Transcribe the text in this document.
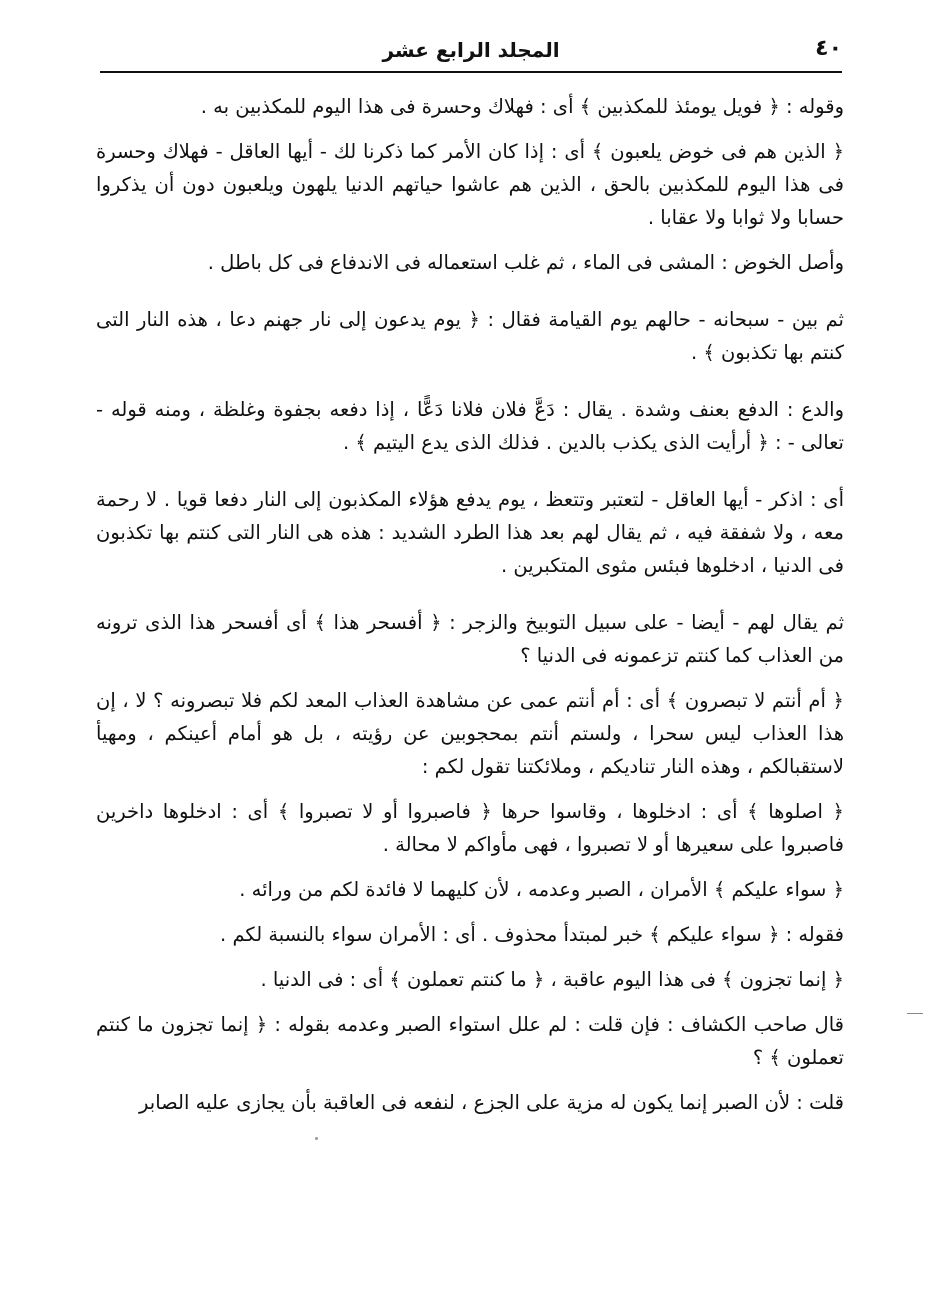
٤٠
المجلد الرابع عشر

وقوله : ﴿ فويل يومئذ للمكذبين ﴾ أى : فهلاك وحسرة فى هذا اليوم للمكذبين به .

﴿ الذين هم فى خوض يلعبون ﴾ أى : إذا كان الأمر كما ذكرنا لك - أيها العاقل - فهلاك وحسرة فى هذا اليوم للمكذبين بالحق ، الذين هم عاشوا حياتهم الدنيا يلهون ويلعبون دون أن يذكروا حسابا ولا ثوابا ولا عقابا .

وأصل الخوض : المشى فى الماء ، ثم غلب استعماله فى الاندفاع فى كل باطل .

ثم بين - سبحانه - حالهم يوم القيامة فقال : ﴿ يوم يدعون إلى نار جهنم دعا ، هذه النار التى كنتم بها تكذبون ﴾ .

والدع : الدفع بعنف وشدة . يقال : دَعَّ فلان فلانا دَعًّا ، إذا دفعه بجفوة وغلظة ، ومنه قوله - تعالى - : ﴿ أرأيت الذى يكذب بالدين . فذلك الذى يدع اليتيم ﴾ .

أى : اذكر - أيها العاقل - لتعتبر وتتعظ ، يوم يدفع هؤلاء المكذبون إلى النار دفعا قويا . لا رحمة معه ، ولا شفقة فيه ، ثم يقال لهم بعد هذا الطرد الشديد : هذه هى النار التى كنتم بها تكذبون فى الدنيا ، ادخلوها فبئس مثوى المتكبرين .

ثم يقال لهم - أيضا - على سبيل التوبيخ والزجر : ﴿ أفسحر هذا ﴾ أى أفسحر هذا الذى ترونه من العذاب كما كنتم تزعمونه فى الدنيا ؟

﴿ أم أنتم لا تبصرون ﴾ أى : أم أنتم عمى عن مشاهدة العذاب المعد لكم فلا تبصرونه ؟ لا ، إن هذا العذاب ليس سحرا ، ولستم أنتم بمحجوبين عن رؤيته ، بل هو أمام أعينكم ، ومهيأ لاستقبالكم ، وهذه النار تناديكم ، وملائكتنا تقول لكم :

﴿ اصلوها ﴾ أى : ادخلوها ، وقاسوا حرها ﴿ فاصبروا أو لا تصبروا ﴾ أى : ادخلوها داخرين فاصبروا على سعيرها أو لا تصبروا ، فهى مأواكم لا محالة .

﴿ سواء عليكم ﴾ الأمران ، الصبر وعدمه ، لأن كليهما لا فائدة لكم من ورائه .

فقوله : ﴿ سواء عليكم ﴾ خبر لمبتدأ محذوف . أى : الأمران سواء بالنسبة لكم .

﴿ إنما تجزون ﴾ فى هذا اليوم عاقبة ، ﴿ ما كنتم تعملون ﴾ أى : فى الدنيا .

قال صاحب الكشاف : فإن قلت : لم علل استواء الصبر وعدمه بقوله : ﴿ إنما تجزون ما كنتم تعملون ﴾ ؟

قلت : لأن الصبر إنما يكون له مزية على الجزع ، لنفعه فى العاقبة بأن يجازى عليه الصابر
